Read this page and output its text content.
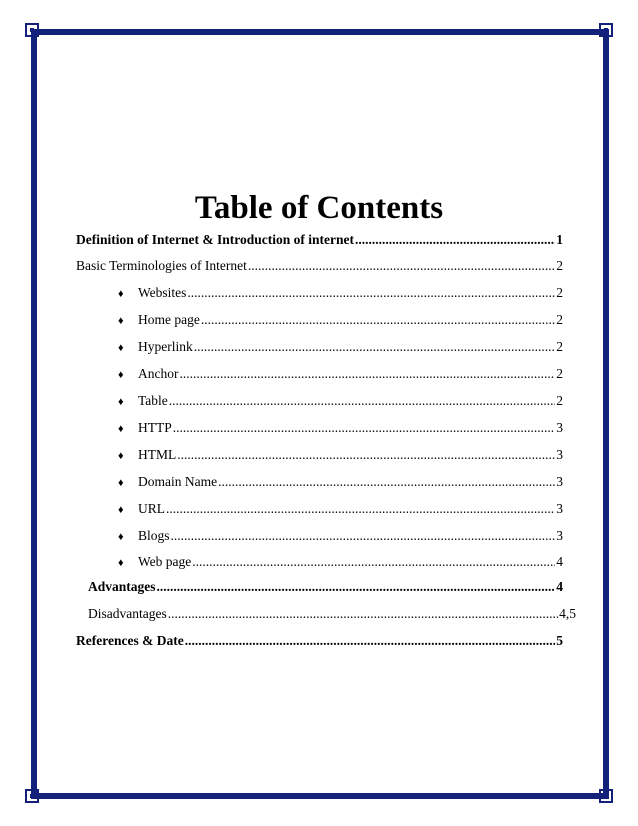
Table of Contents
Definition of Internet & Introduction of internet .....	1
Basic Terminologies of Internet .....	2
♦	Websites .....	2
♦	Home page .....	2
♦	Hyperlink .....	2
♦	Anchor .....	2
♦	Table .....	2
♦	HTTP .....	3
♦	HTML .....	3
♦	Domain Name .....	3
♦	URL .....	3
♦	Blogs .....	3
♦	Web page .....	4
Advantages .....	4
Disadvantages .....	4,5
References & Date .....	5
